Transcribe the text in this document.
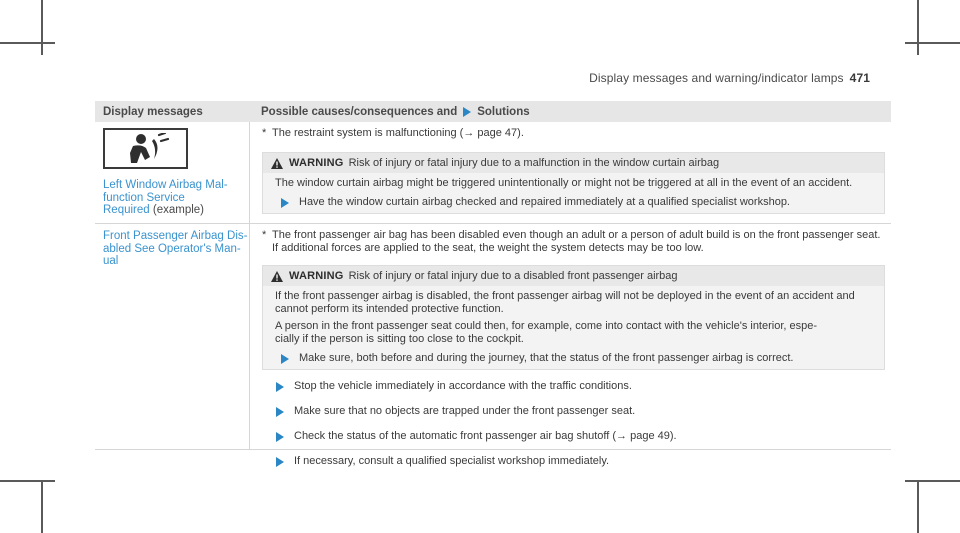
Display messages and warning/indicator lamps 471
Display messages	Possible causes/consequences and Solutions
Left Window Airbag Mal-
function Service
Required (example)
* The restraint system is malfunctioning (→ page 47).
WARNING Risk of injury or fatal injury due to a malfunction in the window curtain airbag

The window curtain airbag might be triggered unintentionally or might not be triggered at all in the event of an accident.

Have the window curtain airbag checked and repaired immediately at a qualified specialist workshop.
Front Passenger Airbag Dis-
abled See Operator's Man-
ual
* The front passenger air bag has been disabled even though an adult or a person of adult build is on the front passenger seat. If additional forces are applied to the seat, the weight the system detects may be too low.
WARNING Risk of injury or fatal injury due to a disabled front passenger airbag

If the front passenger airbag is disabled, the front passenger airbag will not be deployed in the event of an accident and cannot perform its intended protective function.

A person in the front passenger seat could then, for example, come into contact with the vehicle's interior, espe-
cially if the person is sitting too close to the cockpit.

Make sure, both before and during the journey, that the status of the front passenger airbag is correct.
Stop the vehicle immediately in accordance with the traffic conditions.
Make sure that no objects are trapped under the front passenger seat.
Check the status of the automatic front passenger air bag shutoff (→ page 49).
If necessary, consult a qualified specialist workshop immediately.
